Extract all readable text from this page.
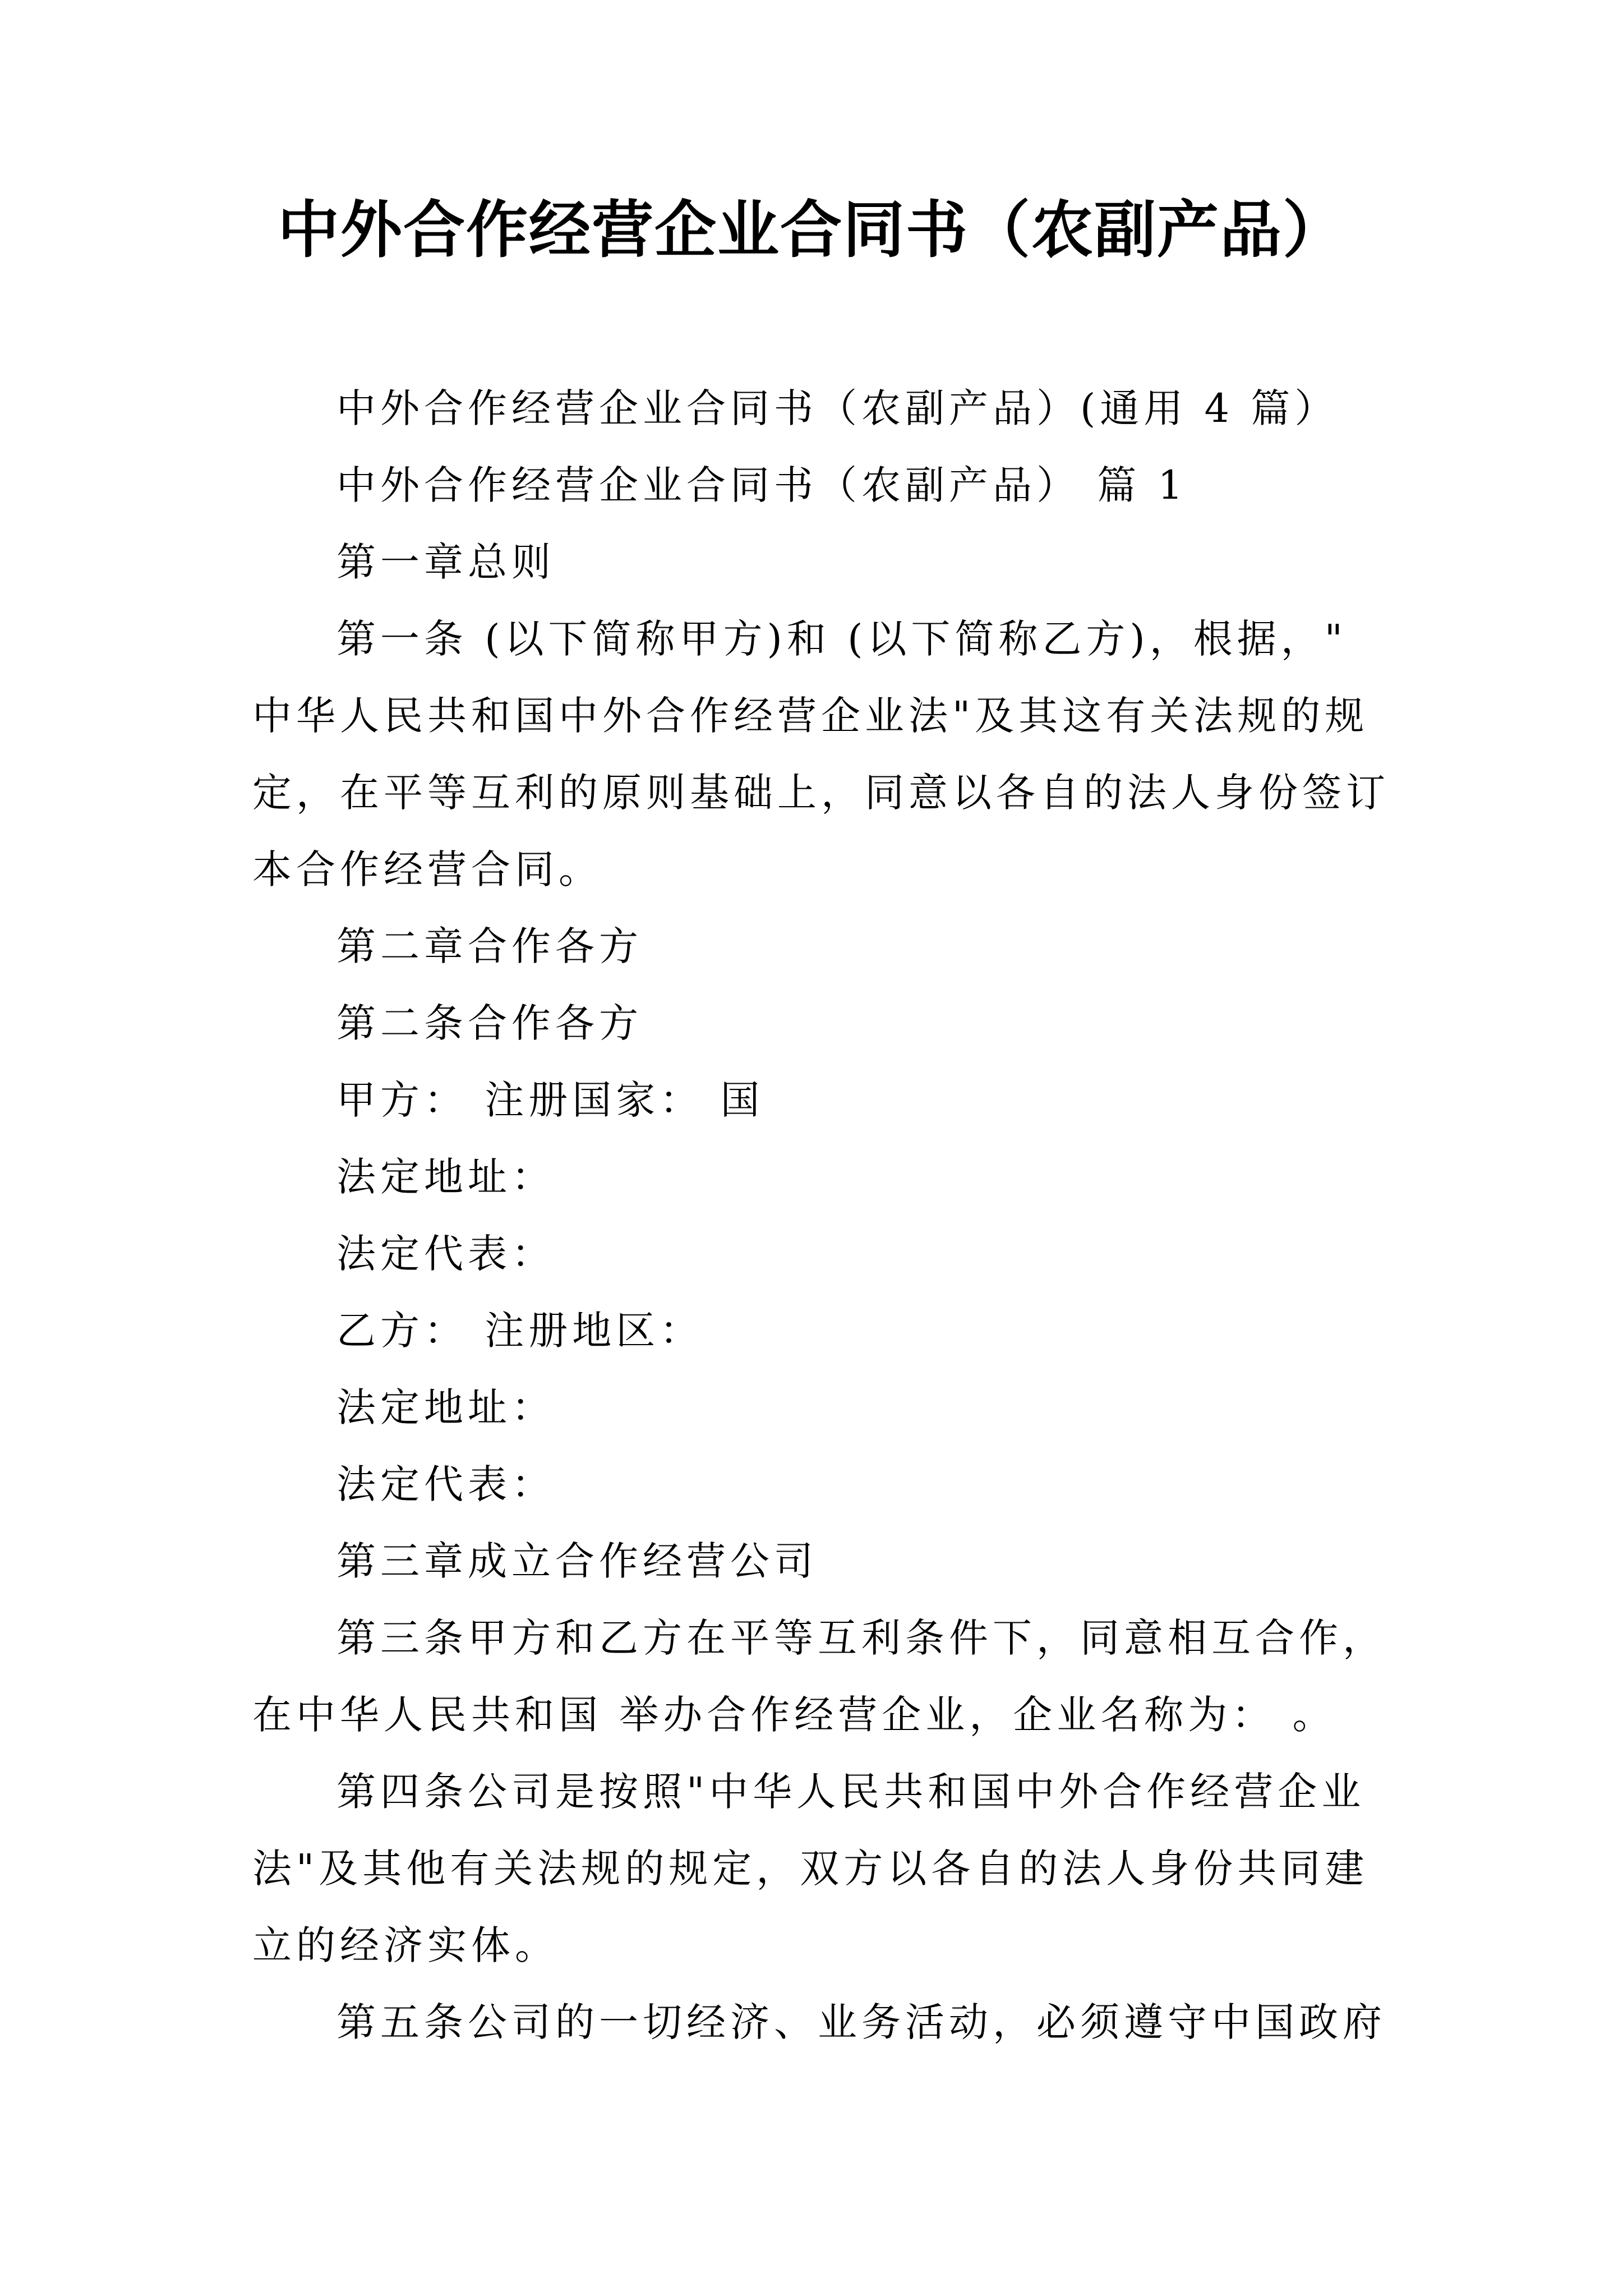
中外合作经营企业合同书（农副产品）

中外合作经营企业合同书（农副产品）(通用 4 篇）

中外合作经营企业合同书（农副产品） 篇 1

第一章总则

第一条 (以下简称甲方)和 (以下简称乙方)，根据，"
中华人民共和国中外合作经营企业法"及其这有关法规的规
定，在平等互利的原则基础上，同意以各自的法人身份签订
本合作经营合同。

第二章合作各方

第二条合作各方

甲方： 注册国家： 国

法定地址：

法定代表：

乙方： 注册地区：

法定地址：

法定代表：

第三章成立合作经营公司

第三条甲方和乙方在平等互利条件下，同意相互合作，
在中华人民共和国 举办合作经营企业，企业名称为： 。
第四条公司是按照"中华人民共和国中外合作经营企业
法"及其他有关法规的规定，双方以各自的法人身份共同建
立的经济实体。

第五条公司的一切经济、业务活动，必须遵守中国政府
